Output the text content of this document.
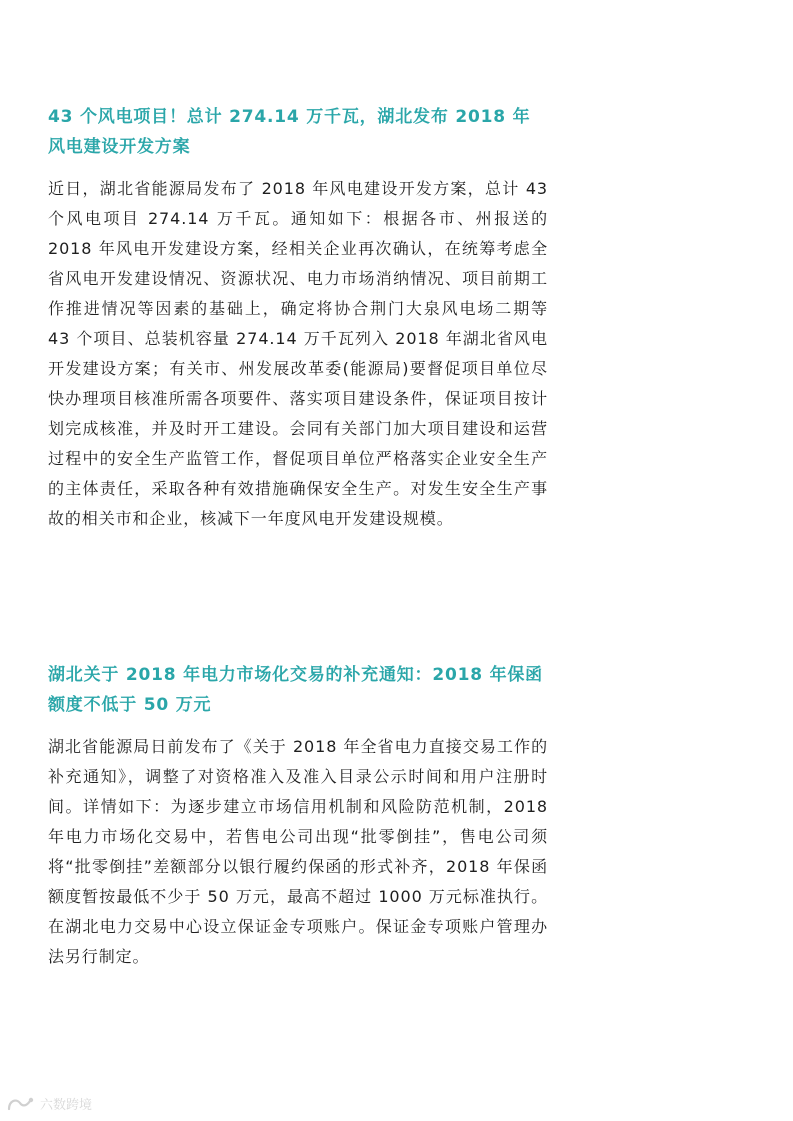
43 个风电项目！总计 274.14 万千瓦，湖北发布 2018 年风电建设开发方案

近日，湖北省能源局发布了 2018 年风电建设开发方案，总计 43 个风电项目 274.14 万千瓦。通知如下：根据各市、州报送的 2018 年风电开发建设方案，经相关企业再次确认，在统筹考虑全省风电开发建设情况、资源状况、电力市场消纳情况、项目前期工作推进情况等因素的基础上，确定将协合荆门大泉风电场二期等 43 个项目、总装机容量 274.14 万千瓦列入 2018 年湖北省风电开发建设方案；有关市、州发展改革委(能源局)要督促项目单位尽快办理项目核准所需各项要件、落实项目建设条件，保证项目按计划完成核准，并及时开工建设。会同有关部门加大项目建设和运营过程中的安全生产监管工作，督促项目单位严格落实企业安全生产的主体责任，采取各种有效措施确保安全生产。对发生安全生产事故的相关市和企业，核减下一年度风电开发建设规模。

湖北关于 2018 年电力市场化交易的补充通知：2018 年保函额度不低于 50 万元

湖北省能源局日前发布了《关于 2018 年全省电力直接交易工作的补充通知》，调整了对资格准入及准入目录公示时间和用户注册时间。详情如下：为逐步建立市场信用机制和风险防范机制，2018 年电力市场化交易中，若售电公司出现“批零倒挂”，售电公司须将“批零倒挂”差额部分以银行履约保函的形式补齐，2018 年保函额度暂按最低不少于 50 万元，最高不超过 1000 万元标准执行。在湖北电力交易中心设立保证金专项账户。保证金专项账户管理办法另行制定。

六数跨境
